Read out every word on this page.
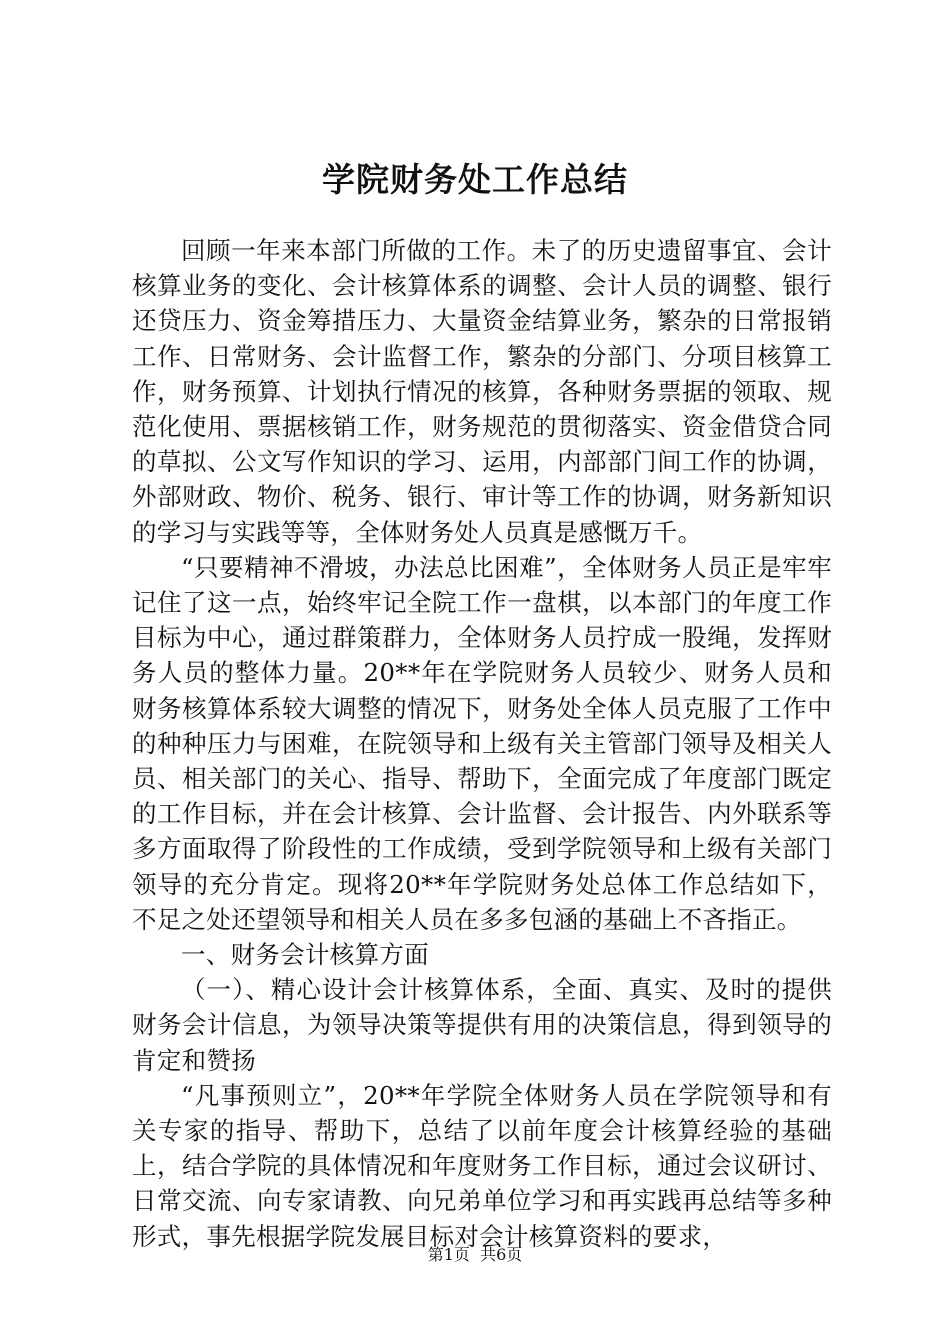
学院财务处工作总结

回顾一年来本部门所做的工作。未了的历史遗留事宜、会计核算业务的变化、会计核算体系的调整、会计人员的调整、银行还贷压力、资金筹措压力、大量资金结算业务，繁杂的日常报销工作、日常财务、会计监督工作，繁杂的分部门、分项目核算工作，财务预算、计划执行情况的核算，各种财务票据的领取、规范化使用、票据核销工作，财务规范的贯彻落实、资金借贷合同的草拟、公文写作知识的学习、运用，内部部门间工作的协调，外部财政、物价、税务、银行、审计等工作的协调，财务新知识的学习与实践等等，全体财务处人员真是感慨万千。

“只要精神不滑坡，办法总比困难”，全体财务人员正是牢牢记住了这一点，始终牢记全院工作一盘棋，以本部门的年度工作目标为中心，通过群策群力，全体财务人员拧成一股绳，发挥财务人员的整体力量。20**年在学院财务人员较少、财务人员和财务核算体系较大调整的情况下，财务处全体人员克服了工作中的种种压力与困难，在院领导和上级有关主管部门领导及相关人员、相关部门的关心、指导、帮助下，全面完成了年度部门既定的工作目标，并在会计核算、会计监督、会计报告、内外联系等多方面取得了阶段性的工作成绩，受到学院领导和上级有关部门领导的充分肯定。现将20**年学院财务处总体工作总结如下，不足之处还望领导和相关人员在多多包涵的基础上不吝指正。

一、财务会计核算方面

（一）、精心设计会计核算体系，全面、真实、及时的提供财务会计信息，为领导决策等提供有用的决策信息，得到领导的肯定和赞扬

“凡事预则立”，20**年学院全体财务人员在学院领导和有关专家的指导、帮助下，总结了以前年度会计核算经验的基础上，结合学院的具体情况和年度财务工作目标，通过会议研讨、日常交流、向专家请教、向兄弟单位学习和再实践再总结等多种形式，事先根据学院发展目标对会计核算资料的要求，

第1页 共6页
